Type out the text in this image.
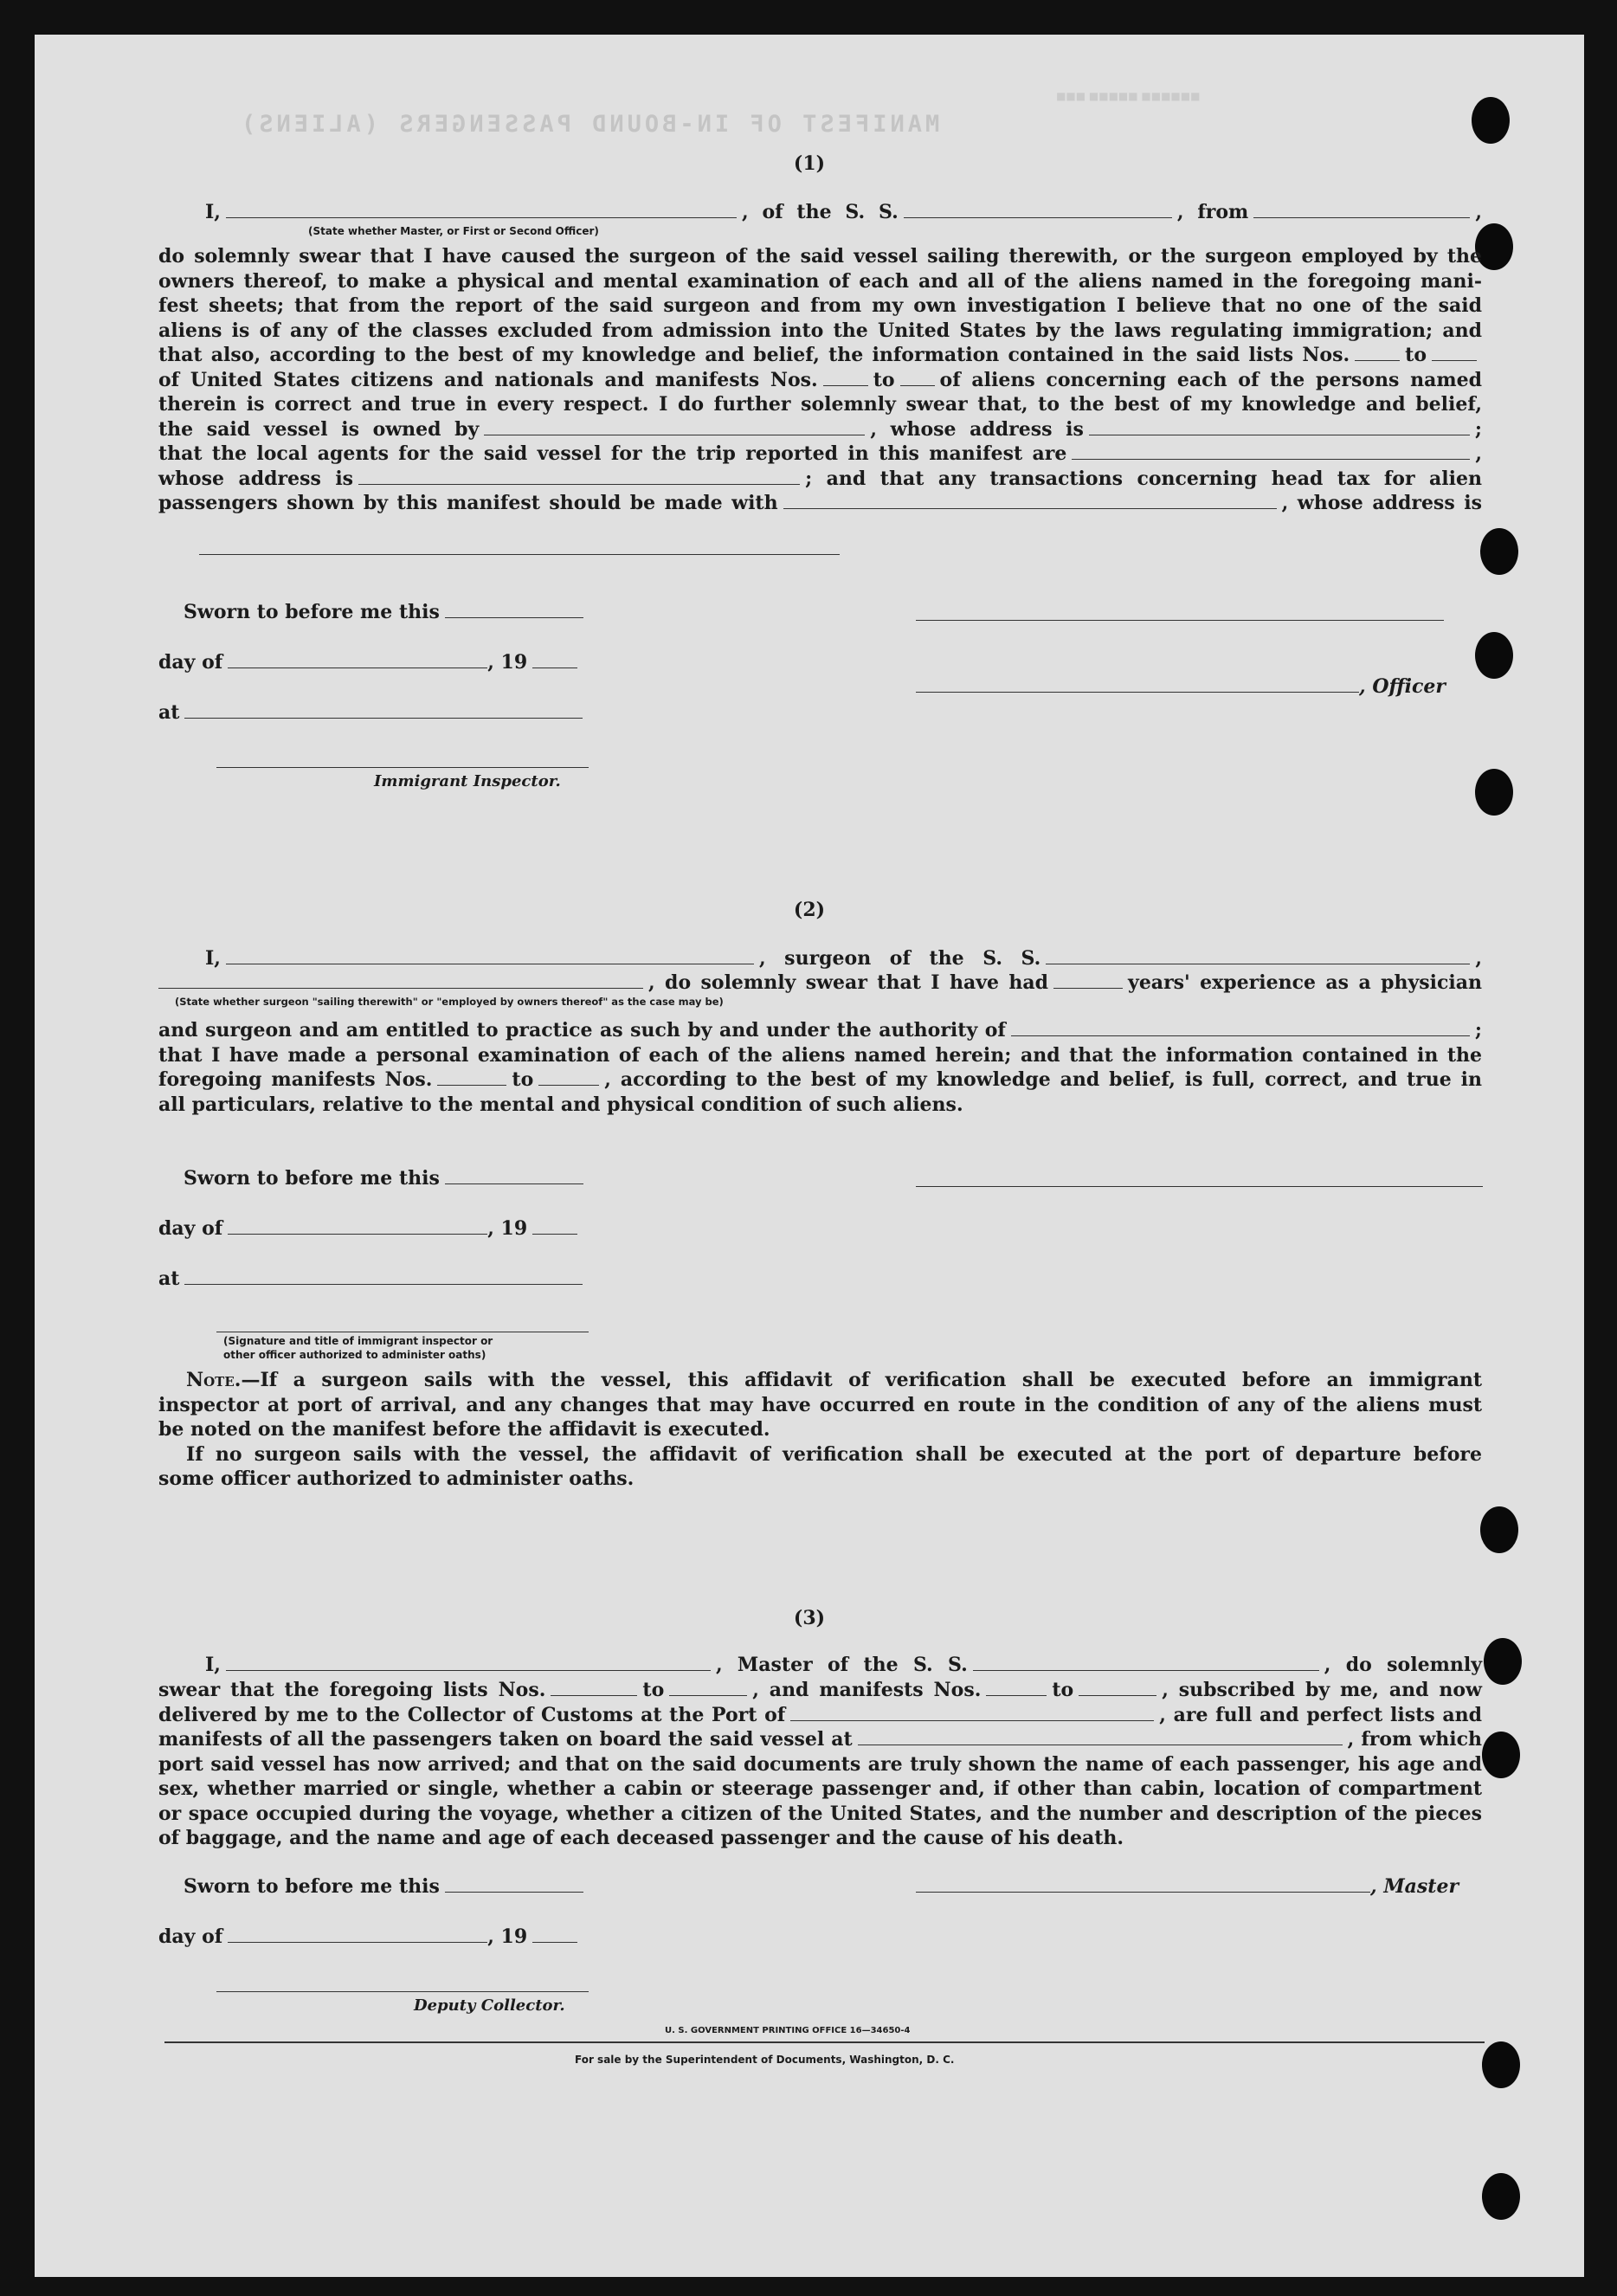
MANIFEST OF IN-BOUND PASSENGERS (ALIENS)
■■■■■■ ■■■■■ ■■■
(1)
I,	, of the S. S.	, from	,
(State whether Master, or First or Second Officer)
do solemnly swear that I have caused the surgeon of the said vessel sailing therewith, or the surgeon employed by the
owners thereof, to make a physical and mental examination of each and all of the aliens named in the foregoing mani-
fest sheets; that from the report of the said surgeon and from my own investigation I believe that no one of the said
aliens is of any of the classes excluded from admission into the United States by the laws regulating immigration; and
that also, according to the best of my knowledge and belief, the information contained in the said lists Nos.	to
of United States citizens and nationals and manifests Nos.	to of aliens concerning each of the persons named
therein is correct and true in every respect. I do further solemnly swear that, to the best of my knowledge and belief,
the said vessel is owned by	, whose address is	;
that the local agents for the said vessel for the trip reported in this manifest are	,
whose address is	; and that any transactions concerning head tax for alien
passengers shown by this manifest should be made with	, whose address is
Sworn to before me this
day of	, 19
, Officer
at
Immigrant Inspector.
(2)
I,	, surgeon of the S. S.	,
, do solemnly swear that I have had	years' experience as a physician
(State whether surgeon "sailing therewith" or "employed by owners thereof" as the case may be)
and surgeon and am entitled to practice as such by and under the authority of	;
that I have made a personal examination of each of the aliens named herein; and that the information contained in the
foregoing manifests Nos.	to	, according to the best of my knowledge and belief, is full, correct, and true in
all particulars, relative to the mental and physical condition of such aliens.
Sworn to before me this
day of	, 19
at
(Signature and title of immigrant inspector or
other officer authorized to administer oaths)
Note.—If a surgeon sails with the vessel, this affidavit of verification shall be executed before an immigrant
inspector at port of arrival, and any changes that may have occurred en route in the condition of any of the aliens must
be noted on the manifest before the affidavit is executed.
If no surgeon sails with the vessel, the affidavit of verification shall be executed at the port of departure before
some officer authorized to administer oaths.
(3)
I,	, Master of the S. S.	, do solemnly
swear that the foregoing lists Nos.	to	, and manifests Nos.	to	, subscribed by me, and now
delivered by me to the Collector of Customs at the Port of	, are full and perfect lists and
manifests of all the passengers taken on board the said vessel at	, from which
port said vessel has now arrived; and that on the said documents are truly shown the name of each passenger, his age and
sex, whether married or single, whether a cabin or steerage passenger and, if other than cabin, location of compartment
or space occupied during the voyage, whether a citizen of the United States, and the number and description of the pieces
of baggage, and the name and age of each deceased passenger and the cause of his death.
Sworn to before me this	, Master
day of	, 19
Deputy Collector.
U. S. GOVERNMENT PRINTING OFFICE 16—34650-4
For sale by the Superintendent of Documents, Washington, D. C.
